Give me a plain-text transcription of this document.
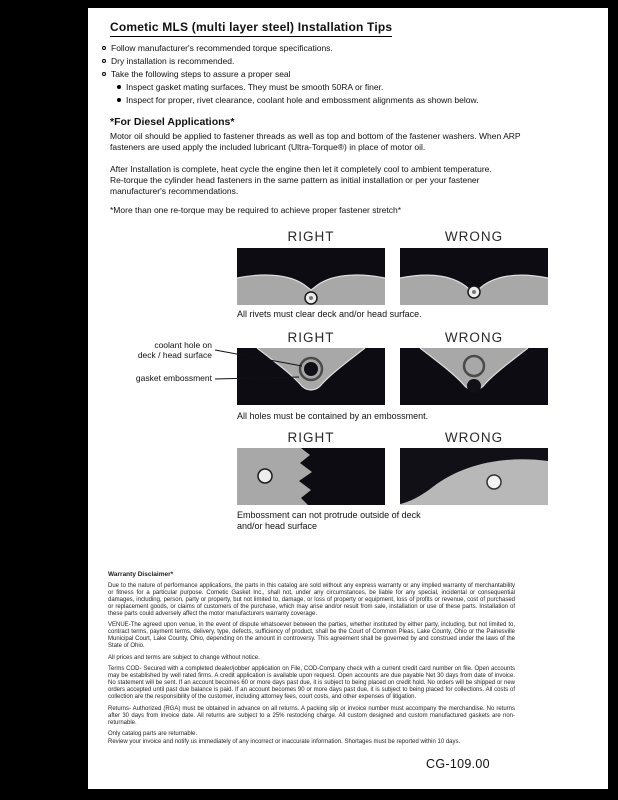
Cometic MLS (multi layer steel) Installation Tips
Follow manufacturer's recommended torque specifications.
Dry installation is recommended.
Take the following steps to assure a proper seal
Inspect gasket mating surfaces. They must be smooth 50RA or finer.
Inspect for proper, rivet clearance, coolant hole and embossment alignments as shown below.
*For Diesel Applications*

Motor oil should be applied to fastener threads as well as top and bottom of the fastener washers. When ARP fasteners are used apply the included lubricant (Ultra-Torque®) in place of motor oil.

After Installation is complete, heat cycle the engine then let it completely cool to ambient temperature. Re-torque the cylinder head fasteners in the same pattern as initial installation or per your fastener manufacturer's recommendations.

*More than one re-torque may be required to achieve proper fastener stretch*

RIGHT	WRONG
All rivets must clear deck and/or head surface.
RIGHT	WRONG
coolant hole on
deck / head surface
gasket embossment
All holes must be contained by an embossment.
RIGHT	WRONG
Embossment can not protrude outside of deck and/or head surface

Warranty Disclaimer*

Due to the nature of performance applications, the parts in this catalog are sold without any express warranty or any implied warranty of merchantability or fitness for a particular purpose. Cometic Gasket Inc., shall not, under any circumstances, be liable for any special, incidental or consequential damages, including, person, party or property, but not limited to, damage, or loss of property or equipment, loss of profits or revenue, cost of purchased or replacement goods, or claims of customers of the purchase, which may arise and/or result from sale, installation or use of these parts. Installation of these parts could adversely affect the motor manufacturers warranty coverage.

VENUE-The agreed upon venue, in the event of dispute whatsoever between the parties, whether instituted by either party, including, but not limited to, contract terms, payment terms, delivery, type, defects, sufficiency of product, shall be the Court of Common Pleas, Lake County, Ohio or the Painesville Municipal Court, Lake County, Ohio, depending on the amount in controversy. This agreement shall be governed by and construed under the laws of the State of Ohio.

All prices and terms are subject to change without notice.

Terms COD- Secured with a completed dealer/jobber application on File, COD-Company check with a current credit card number on file. Open accounts may be established by well rated firms. A credit application is available upon request. Open accounts are due payable Net 30 days from date of invoice. No statement will be sent. If an account becomes 60 or more days past due, it is subject to being placed on credit hold. No orders will be shipped or new orders accepted until past due balance is paid. If an account becomes 90 or more days past due, it is subject to being placed for collections. All costs of collection are the responsibility of the customer, including attorney fees, court costs, and other expenses of litigation.

Returns- Authorized (RGA) must be obtained in advance on all returns. A packing slip or invoice number must accompany the merchandise. No returns after 30 days from invoice date. All returns are subject to a 25% restocking charge. All custom designed and custom manufactured gaskets are non-returnable.

Only catalog parts are returnable.

Review your invoice and notify us immediately of any incorrect or inaccurate information. Shortages must be reported within 10 days.

CG-109.00
